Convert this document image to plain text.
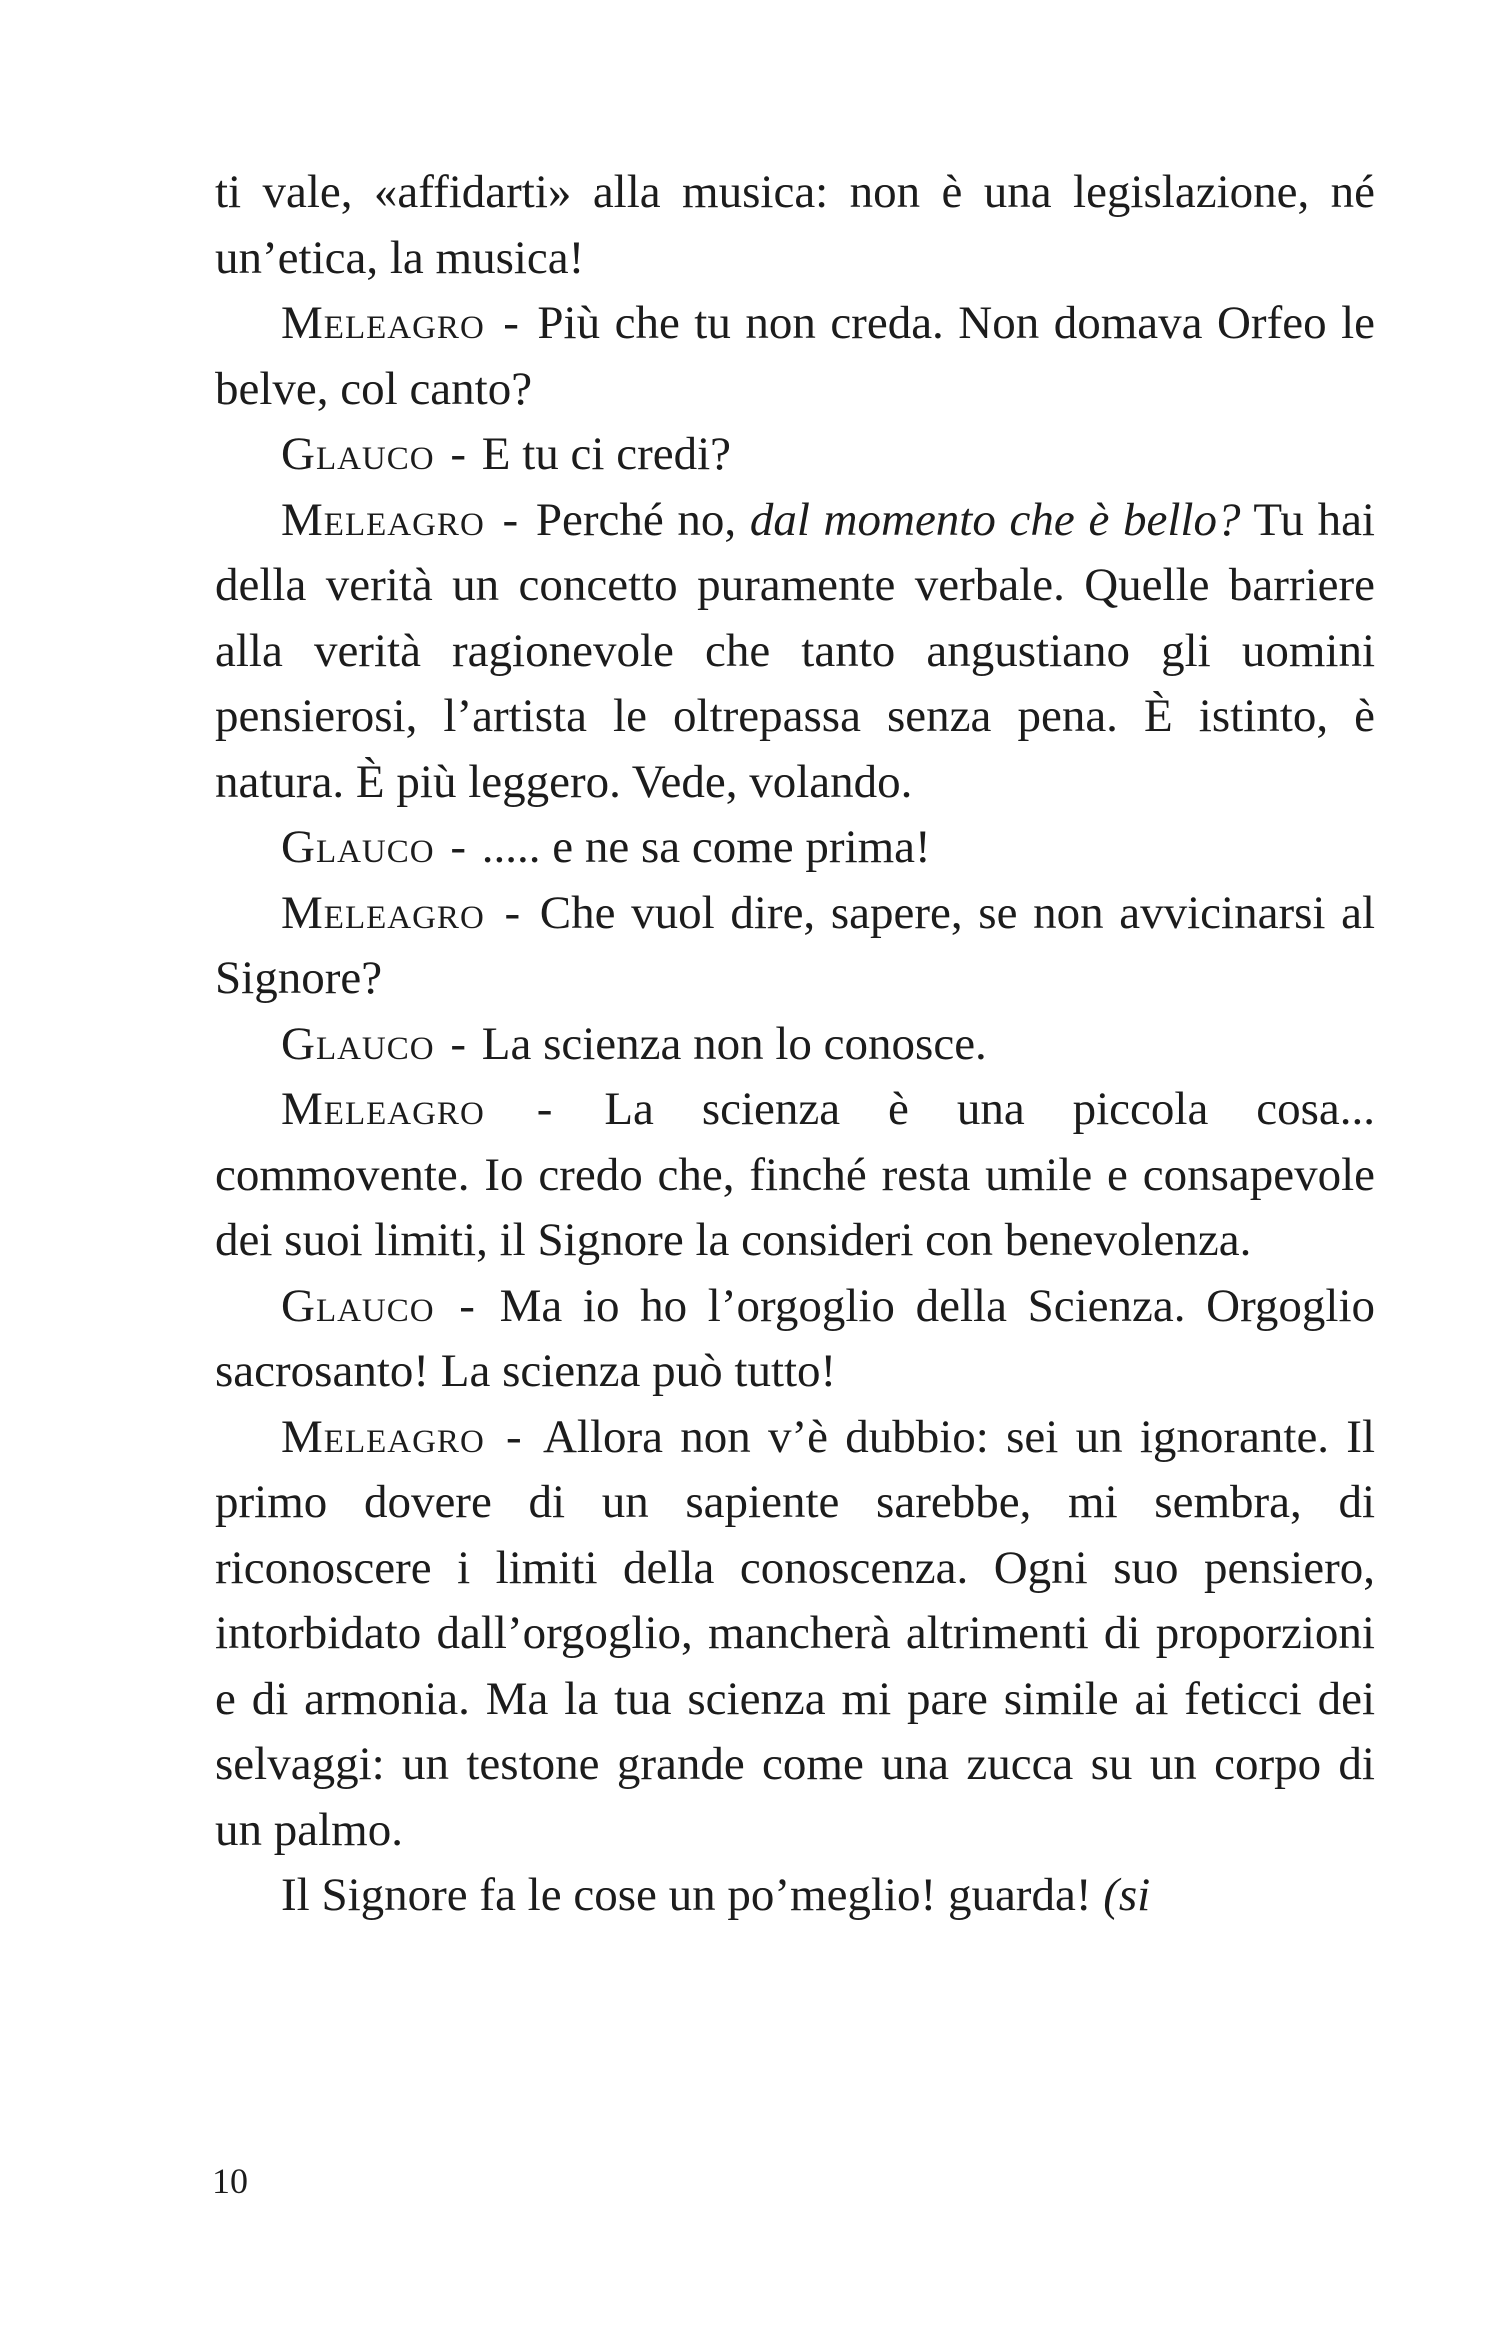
ti vale, «affidarti» alla musica: non è una legislazione, né un’etica, la musica!

Meleagro - Più che tu non creda. Non domava Orfeo le belve, col canto?

Glauco - E tu ci credi?

Meleagro - Perché no, dal momento che è bello? Tu hai della verità un concetto puramente verbale. Quelle barriere alla verità ragionevole che tanto angustiano gli uomini pensierosi, l’artista le oltrepassa senza pena. È istinto, è natura. È più leggero. Vede, volando.

Glauco - ..... e ne sa come prima!

Meleagro - Che vuol dire, sapere, se non avvicinarsi al Signore?

Glauco - La scienza non lo conosce.

Meleagro - La scienza è una piccola cosa... commovente. Io credo che, finché resta umile e consapevole dei suoi limiti, il Signore la consideri con benevolenza.

Glauco - Ma io ho l’orgoglio della Scienza. Orgoglio sacrosanto! La scienza può tutto!

Meleagro - Allora non v’è dubbio: sei un ignorante. Il primo dovere di un sapiente sarebbe, mi sembra, di riconoscere i limiti della conoscenza. Ogni suo pensiero, intorbidato dall’orgoglio, mancherà altrimenti di proporzioni e di armonia. Ma la tua scienza mi pare simile ai feticci dei selvaggi: un testone grande come una zucca su un corpo di un palmo.

Il Signore fa le cose un po’meglio! guarda! (si

10
